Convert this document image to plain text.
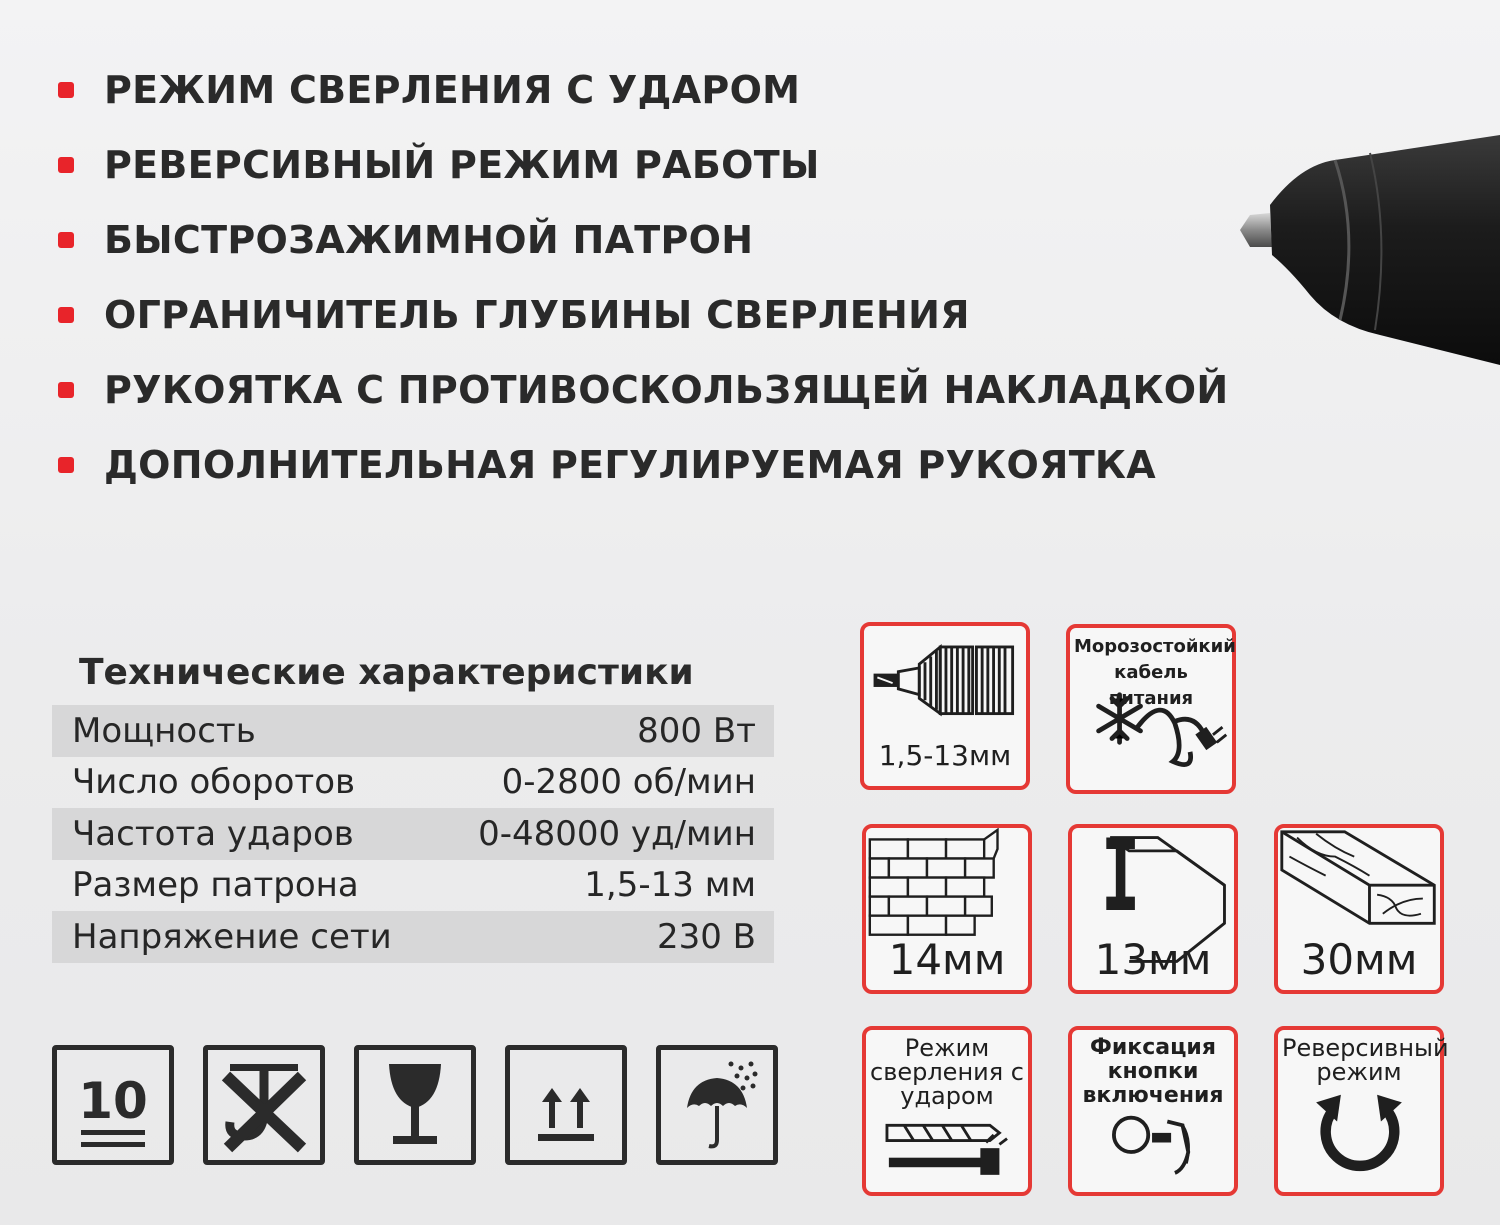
РЕЖИМ СВЕРЛЕНИЯ С УДАРОМ
РЕВЕРСИВНЫЙ РЕЖИМ РАБОТЫ
БЫСТРОЗАЖИМНОЙ ПАТРОН
ОГРАНИЧИТЕЛЬ ГЛУБИНЫ СВЕРЛЕНИЯ
РУКОЯТКА С ПРОТИВОСКОЛЬЗЯЩЕЙ НАКЛАДКОЙ
ДОПОЛНИТЕЛЬНАЯ РЕГУЛИРУЕМАЯ РУКОЯТКА
Технические характеристики
Мощность	800 Вт
Число оборотов	0-2800 об/мин
Частота ударов	0-48000 уд/мин
Размер патрона	1,5-13 мм
Напряжение сети	230 В
10
1,5-13мм
Морозостойкий кабель питания
14мм	13мм	30мм
Режим сверления с ударом
Фиксация кнопки включения
Реверсивный режим
